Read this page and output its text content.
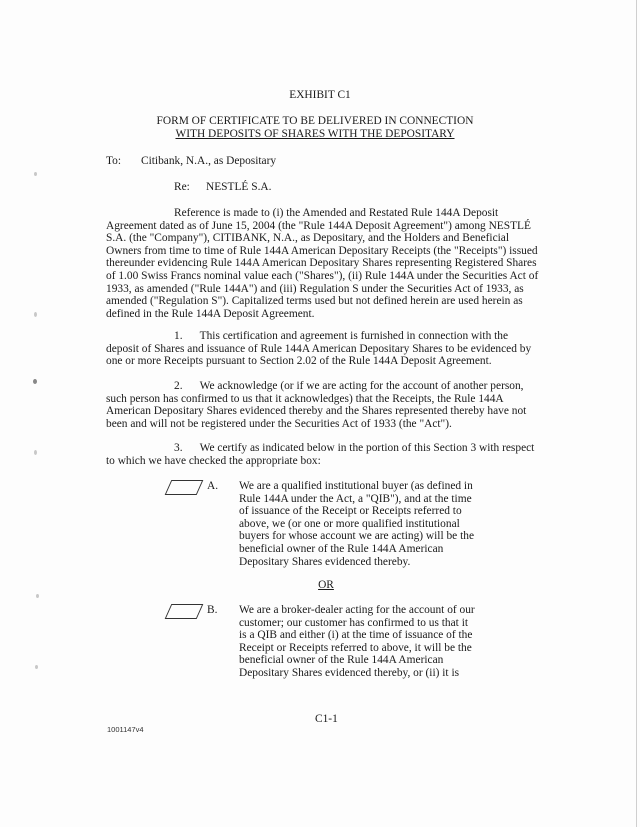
EXHIBIT C1
FORM OF CERTIFICATE TO BE DELIVERED IN CONNECTION
WITH DEPOSITS OF SHARES WITH THE DEPOSITARY
To: Citibank, N.A., as Depositary
Re: NESTLÉ S.A.
Reference is made to (i) the Amended and Restated Rule 144A Deposit Agreement dated as of June 15, 2004 (the "Rule 144A Deposit Agreement") among NESTLÉ S.A. (the "Company"), CITIBANK, N.A., as Depositary, and the Holders and Beneficial Owners from time to time of Rule 144A American Depositary Receipts (the "Receipts") issued thereunder evidencing Rule 144A American Depositary Shares representing Registered Shares of 1.00 Swiss Francs nominal value each ("Shares"), (ii) Rule 144A under the Securities Act of 1933, as amended ("Rule 144A") and (iii) Regulation S under the Securities Act of 1933, as amended ("Regulation S"). Capitalized terms used but not defined herein are used herein as defined in the Rule 144A Deposit Agreement.
1. This certification and agreement is furnished in connection with the deposit of Shares and issuance of Rule 144A American Depositary Shares to be evidenced by one or more Receipts pursuant to Section 2.02 of the Rule 144A Deposit Agreement.
2. We acknowledge (or if we are acting for the account of another person, such person has confirmed to us that it acknowledges) that the Receipts, the Rule 144A American Depositary Shares evidenced thereby and the Shares represented thereby have not been and will not be registered under the Securities Act of 1933 (the "Act").
3. We certify as indicated below in the portion of this Section 3 with respect to which we have checked the appropriate box:
A. We are a qualified institutional buyer (as defined in Rule 144A under the Act, a "QIB"), and at the time of issuance of the Receipt or Receipts referred to above, we (or one or more qualified institutional buyers for whose account we are acting) will be the beneficial owner of the Rule 144A American Depositary Shares evidenced thereby.
OR
B. We are a broker-dealer acting for the account of our customer; our customer has confirmed to us that it is a QIB and either (i) at the time of issuance of the Receipt or Receipts referred to above, it will be the beneficial owner of the Rule 144A American Depositary Shares evidenced thereby, or (ii) it is
C1-1
1001147v4
